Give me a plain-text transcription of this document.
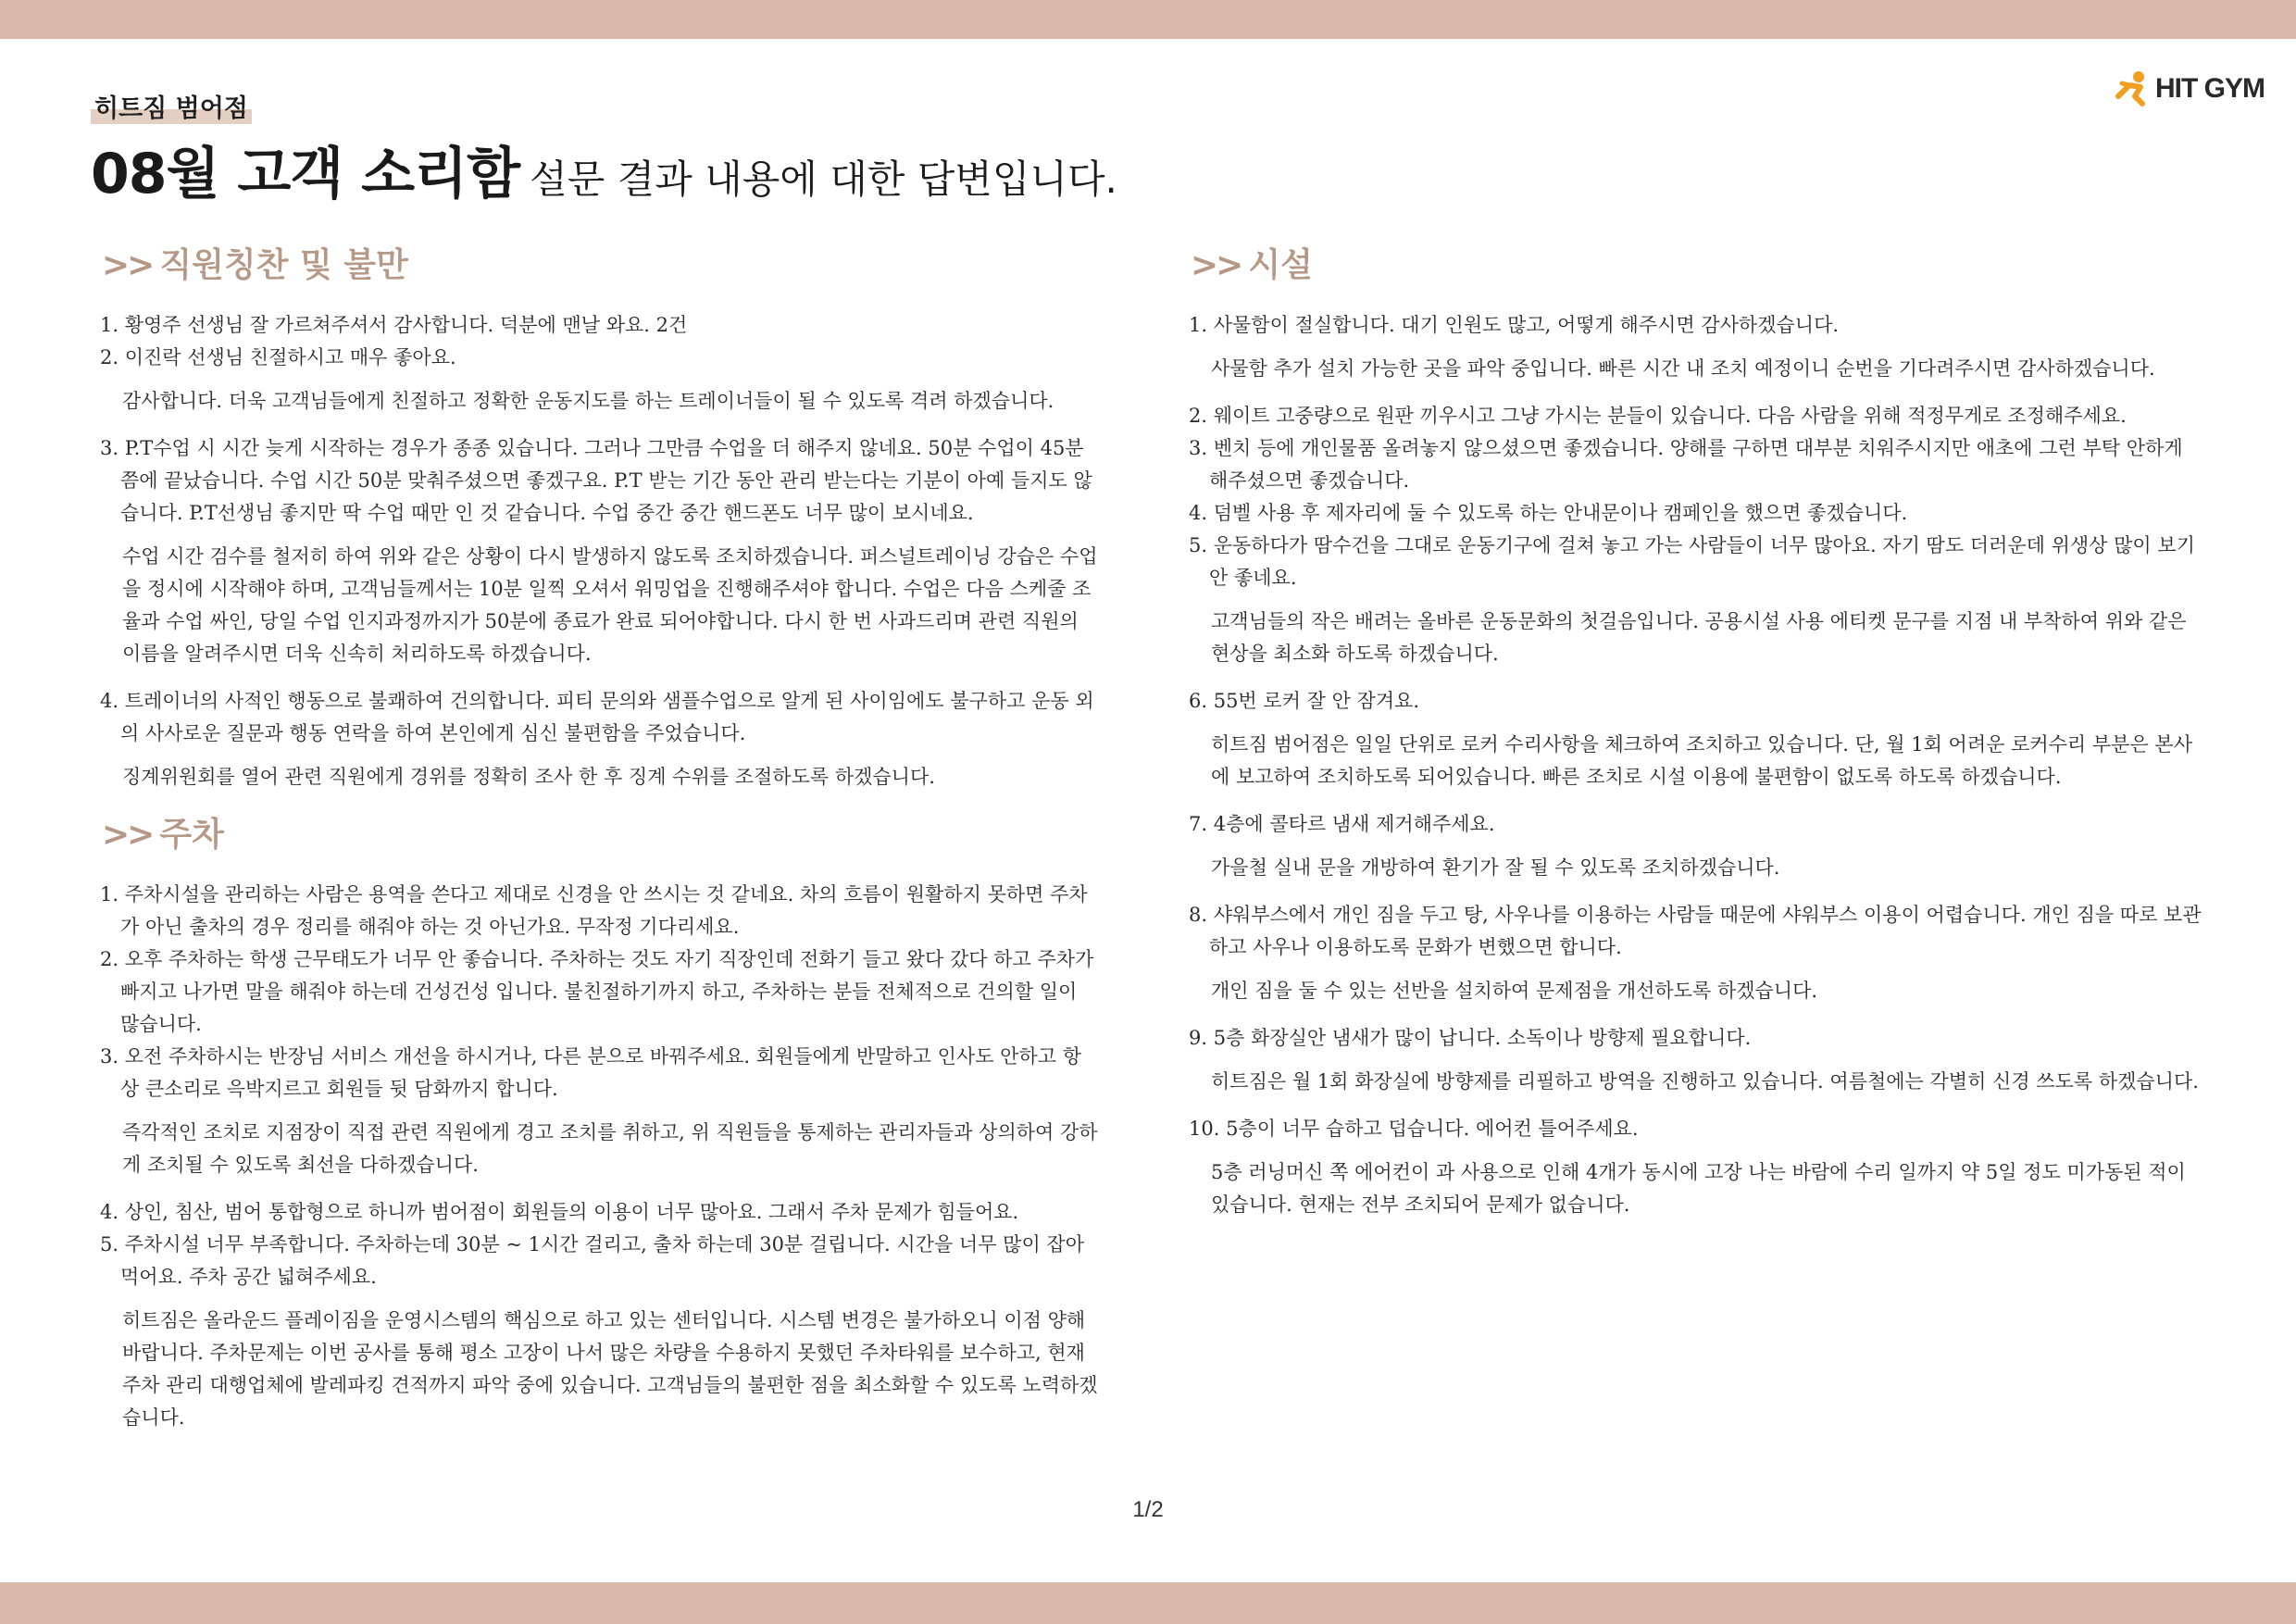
히트짐 범어점
08월 고객 소리함 설문 결과 내용에 대한 답변입니다.
HIT GYM
>> 직원칭찬 및 불만

1. 황영주 선생님 잘 가르쳐주셔서 감사합니다. 덕분에 맨날 와요. 2건

2. 이진락 선생님 친절하시고 매우 좋아요.

감사합니다. 더욱 고객님들에게 친절하고 정확한 운동지도를 하는 트레이너들이 될 수 있도록 격려 하겠습니다.

3. P.T수업 시 시간 늦게 시작하는 경우가 종종 있습니다. 그러나 그만큼 수업을 더 해주지 않네요. 50분 수업이 45분쯤에 끝났습니다. 수업 시간 50분 맞춰주셨으면 좋겠구요. P.T 받는 기간 동안 관리 받는다는 기분이 아예 들지도 않습니다. P.T선생님 좋지만 딱 수업 때만 인 것 같습니다. 수업 중간 중간 핸드폰도 너무 많이 보시네요.

수업 시간 검수를 철저히 하여 위와 같은 상황이 다시 발생하지 않도록 조치하겠습니다. 퍼스널트레이닝 강습은 수업을 정시에 시작해야 하며, 고객님들께서는 10분 일찍 오셔서 워밍업을 진행해주셔야 합니다. 수업은 다음 스케줄 조율과 수업 싸인, 당일 수업 인지과정까지가 50분에 종료가 완료 되어야합니다. 다시 한 번 사과드리며 관련 직원의 이름을 알려주시면 더욱 신속히 처리하도록 하겠습니다.

4. 트레이너의 사적인 행동으로 불쾌하여 건의합니다. 피티 문의와 샘플수업으로 알게 된 사이임에도 불구하고 운동 외의 사사로운 질문과 행동 연락을 하여 본인에게 심신 불편함을 주었습니다.

징계위원회를 열어 관련 직원에게 경위를 정확히 조사 한 후 징계 수위를 조절하도록 하겠습니다.

>> 주차

1. 주차시설을 관리하는 사람은 용역을 쓴다고 제대로 신경을 안 쓰시는 것 같네요. 차의 흐름이 원활하지 못하면 주차가 아닌 출차의 경우 정리를 해줘야 하는 것 아닌가요. 무작정 기다리세요.

2. 오후 주차하는 학생 근무태도가 너무 안 좋습니다. 주차하는 것도 자기 직장인데 전화기 들고 왔다 갔다 하고 주차가 빠지고 나가면 말을 해줘야 하는데 건성건성 입니다. 불친절하기까지 하고, 주차하는 분들 전체적으로 건의할 일이 많습니다.

3. 오전 주차하시는 반장님 서비스 개선을 하시거나, 다른 분으로 바꿔주세요. 회원들에게 반말하고 인사도 안하고 항상 큰소리로 윽박지르고 회원들 뒷 담화까지 합니다.

즉각적인 조치로 지점장이 직접 관련 직원에게 경고 조치를 취하고, 위 직원들을 통제하는 관리자들과 상의하여 강하게 조치될 수 있도록 최선을 다하겠습니다.

4. 상인, 침산, 범어 통합형으로 하니까 범어점이 회원들의 이용이 너무 많아요. 그래서 주차 문제가 힘들어요.

5. 주차시설 너무 부족합니다. 주차하는데 30분 ~ 1시간 걸리고, 출차 하는데 30분 걸립니다. 시간을 너무 많이 잡아먹어요. 주차 공간 넓혀주세요.

히트짐은 올라운드 플레이짐을 운영시스템의 핵심으로 하고 있는 센터입니다. 시스템 변경은 불가하오니 이점 양해 바랍니다. 주차문제는 이번 공사를 통해 평소 고장이 나서 많은 차량을 수용하지 못했던 주차타워를 보수하고, 현재 주차 관리 대행업체에 발레파킹 견적까지 파악 중에 있습니다. 고객님들의 불편한 점을 최소화할 수 있도록 노력하겠습니다.

>> 시설

1. 사물함이 절실합니다. 대기 인원도 많고, 어떻게 해주시면 감사하겠습니다.

사물함 추가 설치 가능한 곳을 파악 중입니다. 빠른 시간 내 조치 예정이니 순번을 기다려주시면 감사하겠습니다.

2. 웨이트 고중량으로 원판 끼우시고 그냥 가시는 분들이 있습니다. 다음 사람을 위해 적정무게로 조정해주세요.

3. 벤치 등에 개인물품 올려놓지 않으셨으면 좋겠습니다. 양해를 구하면 대부분 치워주시지만 애초에 그런 부탁 안하게 해주셨으면 좋겠습니다.

4. 덤벨 사용 후 제자리에 둘 수 있도록 하는 안내문이나 캠페인을 했으면 좋겠습니다.

5. 운동하다가 땀수건을 그대로 운동기구에 걸쳐 놓고 가는 사람들이 너무 많아요. 자기 땀도 더러운데 위생상 많이 보기 안 좋네요.

고객님들의 작은 배려는 올바른 운동문화의 첫걸음입니다. 공용시설 사용 에티켓 문구를 지점 내 부착하여 위와 같은 현상을 최소화 하도록 하겠습니다.

6. 55번 로커 잘 안 잠겨요.

히트짐 범어점은 일일 단위로 로커 수리사항을 체크하여 조치하고 있습니다. 단, 월 1회 어려운 로커수리 부분은 본사에 보고하여 조치하도록 되어있습니다. 빠른 조치로 시설 이용에 불편함이 없도록 하도록 하겠습니다.

7. 4층에 콜타르 냄새 제거해주세요.

가을철 실내 문을 개방하여 환기가 잘 될 수 있도록 조치하겠습니다.

8. 샤워부스에서 개인 짐을 두고 탕, 사우나를 이용하는 사람들 때문에 샤워부스 이용이 어렵습니다. 개인 짐을 따로 보관하고 사우나 이용하도록 문화가 변했으면 합니다.

개인 짐을 둘 수 있는 선반을 설치하여 문제점을 개선하도록 하겠습니다.

9. 5층 화장실안 냄새가 많이 납니다. 소독이나 방향제 필요합니다.

히트짐은 월 1회 화장실에 방향제를 리필하고 방역을 진행하고 있습니다. 여름철에는 각별히 신경 쓰도록 하겠습니다.

10. 5층이 너무 습하고 덥습니다. 에어컨 틀어주세요.

5층 러닝머신 쪽 에어컨이 과 사용으로 인해 4개가 동시에 고장 나는 바람에 수리 일까지 약 5일 정도 미가동된 적이 있습니다. 현재는 전부 조치되어 문제가 없습니다.

1/2
